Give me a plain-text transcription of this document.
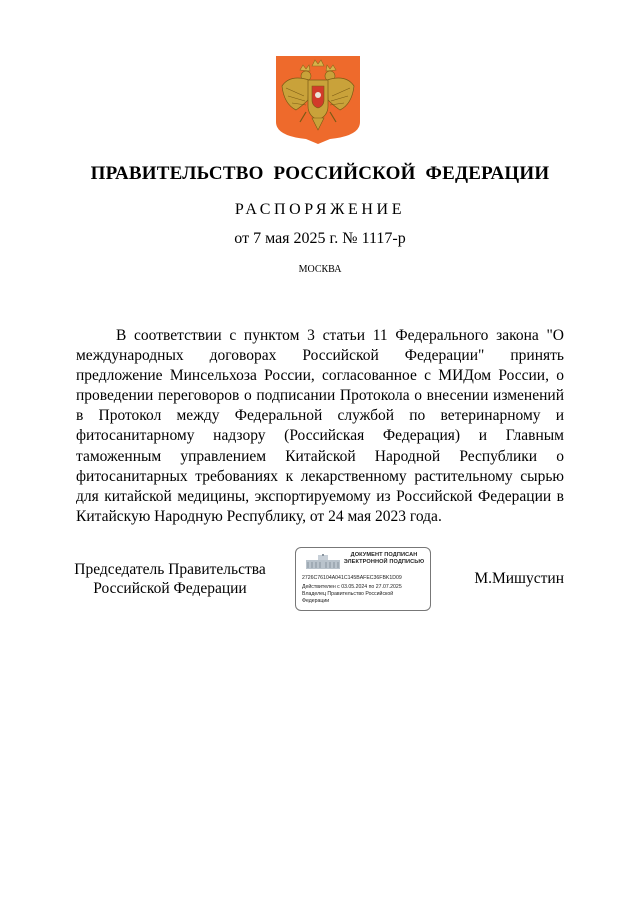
ПРАВИТЕЛЬСТВО РОССИЙСКОЙ ФЕДЕРАЦИИ
РАСПОРЯЖЕНИЕ
от 7 мая 2025 г. № 1117-р
МОСКВА

В соответствии с пунктом 3 статьи 11 Федерального закона "О международных договорах Российской Федерации" принять предложение Минсельхоза России, согласованное с МИДом России, о проведении переговоров о подписании Протокола о внесении изменений в Протокол между Федеральной службой по ветеринарному и фитосанитарному надзору (Российская Федерация) и Главным таможенным управлением Китайской Народной Республики о фитосанитарных требованиях к лекарственному растительному сырью для китайской медицины, экспортируемому из Российской Федерации в Китайскую Народную Республику, от 24 мая 2023 года.

Председатель Правительства
Российской Федерации
ДОКУМЕНТ ПОДПИСАН
ЭЛЕКТРОННОЙ ПОДПИСЬЮ
2726C76104A041C145BAFEC36FBK1D09
Действителен с 03.05.2024 по 27.07.2025
Владелец Правительство Российской
Федерации
М.Мишустин
